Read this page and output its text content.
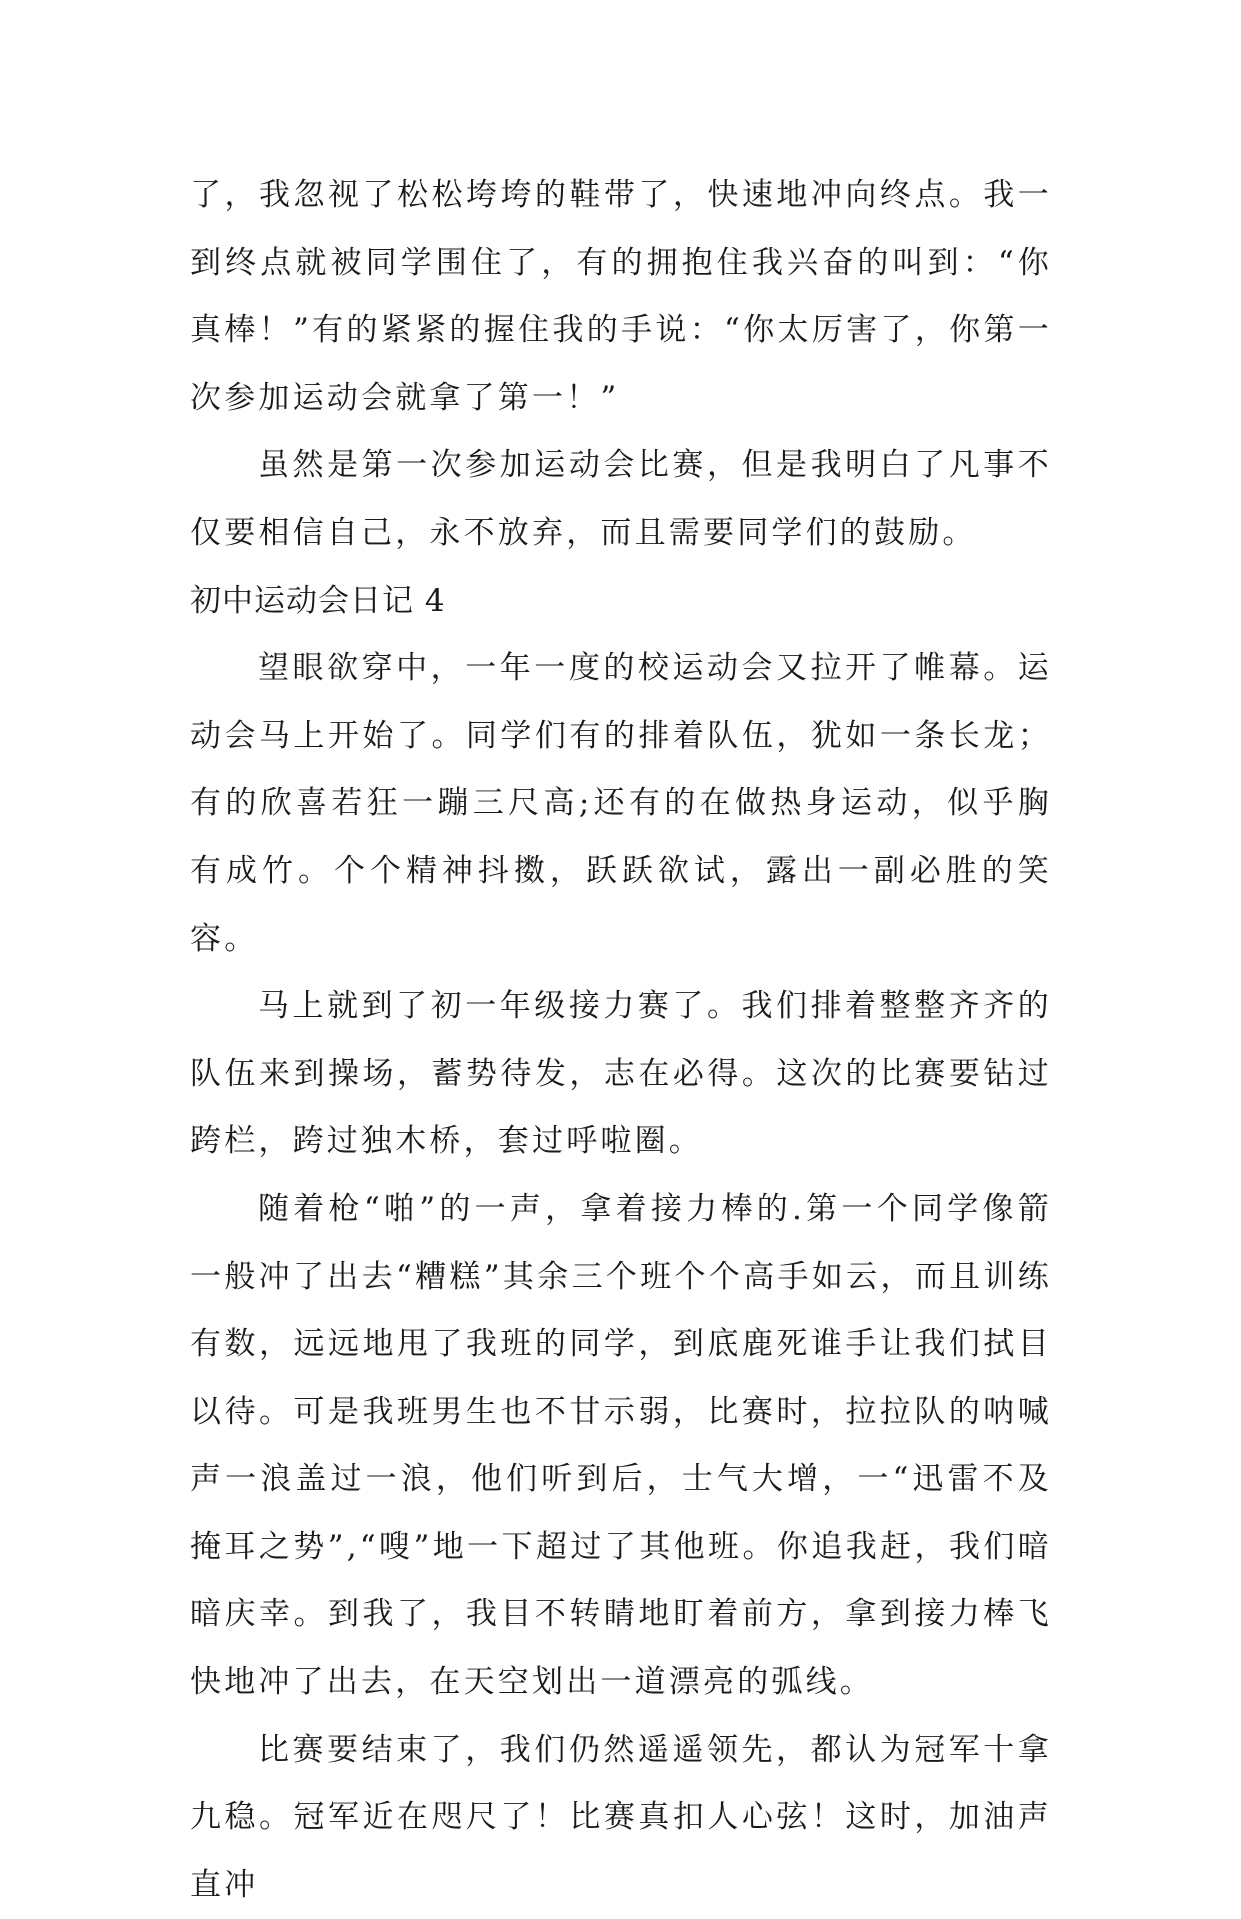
了，我忽视了松松垮垮的鞋带了，快速地冲向终点。我一到终点就被同学围住了，有的拥抱住我兴奋的叫到：“你真棒！”有的紧紧的握住我的手说：“你太厉害了，你第一次参加运动会就拿了第一！”

虽然是第一次参加运动会比赛，但是我明白了凡事不仅要相信自己，永不放弃，而且需要同学们的鼓励。

初中运动会日记 4

望眼欲穿中，一年一度的校运动会又拉开了帷幕。运动会马上开始了。同学们有的排着队伍，犹如一条长龙；有的欣喜若狂一蹦三尺高;还有的在做热身运动，似乎胸有成竹。个个精神抖擞，跃跃欲试，露出一副必胜的笑容。

马上就到了初一年级接力赛了。我们排着整整齐齐的队伍来到操场，蓄势待发，志在必得。这次的比赛要钻过跨栏，跨过独木桥，套过呼啦圈。

随着枪“啪”的一声，拿着接力棒的.第一个同学像箭一般冲了出去“糟糕”其余三个班个个高手如云，而且训练有数，远远地甩了我班的同学，到底鹿死谁手让我们拭目以待。可是我班男生也不甘示弱，比赛时，拉拉队的呐喊声一浪盖过一浪，他们听到后，士气大增，一“迅雷不及掩耳之势”,“嗖”地一下超过了其他班。你追我赶，我们暗暗庆幸。到我了，我目不转睛地盯着前方，拿到接力棒飞快地冲了出去，在天空划出一道漂亮的弧线。

比赛要结束了，我们仍然遥遥领先，都认为冠军十拿九稳。冠军近在咫尺了！比赛真扣人心弦！这时，加油声直冲
